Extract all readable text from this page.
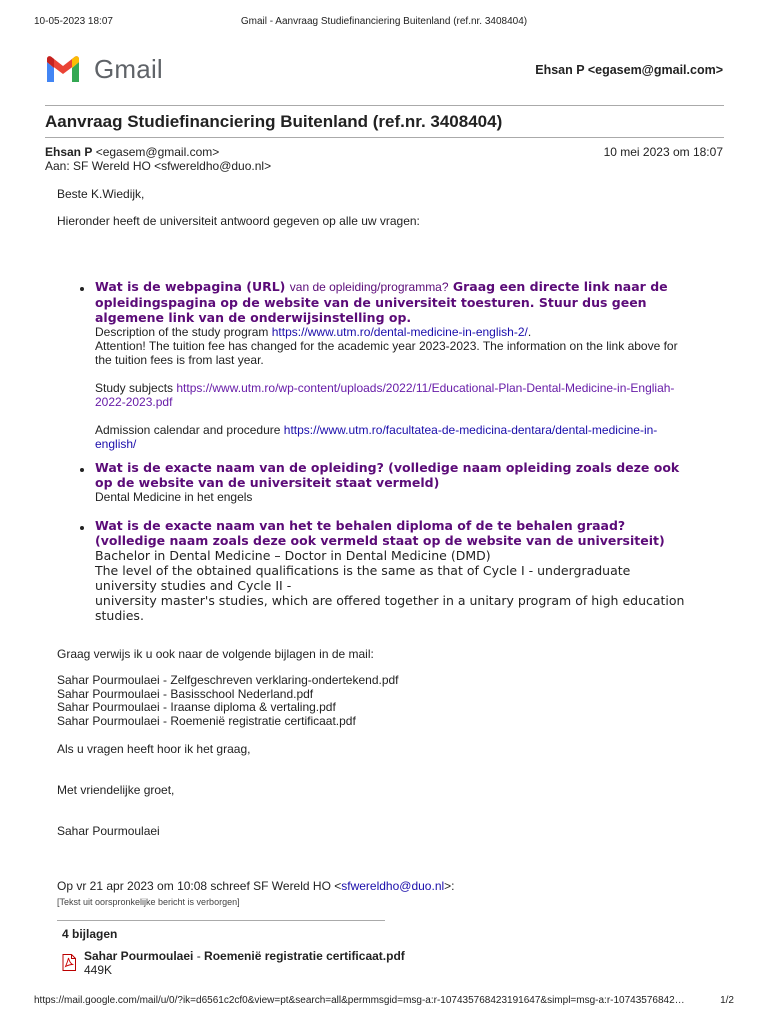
10-05-2023 18:07	Gmail - Aanvraag Studiefinanciering Buitenland (ref.nr. 3408404)
Gmail	Ehsan P <egasem@gmail.com>
Aanvraag Studiefinanciering Buitenland (ref.nr. 3408404)
Ehsan P <egasem@gmail.com>	10 mei 2023 om 18:07
Aan: SF Wereld HO <sfwereldho@duo.nl>
Beste K.Wiedijk,
Hieronder heeft de universiteit antwoord gegeven op alle uw vragen:
Wat is de webpagina (URL) van de opleiding/programma? Graag een directe link naar de
opleidingspagina op de website van de universiteit toesturen. Stuur dus geen
algemene link van de onderwijsinstelling op.
Description of the study program https://www.utm.ro/dental-medicine-in-english-2/.
Attention! The tuition fee has changed for the academic year 2023-2023. The information on the link above for
the tuition fees is from last year.
Study subjects https://www.utm.ro/wp-content/uploads/2022/11/Educational-Plan-Dental-Medicine-in-Engliah-
2022-2023.pdf
Admission calendar and procedure https://www.utm.ro/facultatea-de-medicina-dentara/dental-medicine-in-
english/
Wat is de exacte naam van de opleiding? (volledige naam opleiding zoals deze ook
op de website van de universiteit staat vermeld)
Dental Medicine in het engels
Wat is de exacte naam van het te behalen diploma of de te behalen graad?
(volledige naam zoals deze ook vermeld staat op de website van de universiteit)
Bachelor in Dental Medicine – Doctor in Dental Medicine (DMD)
The level of the obtained qualifications is the same as that of Cycle I - undergraduate
university studies and Cycle II -
university master's studies, which are offered together in a unitary program of high education
studies.
Graag verwijs ik u ook naar de volgende bijlagen in de mail:
Sahar Pourmoulaei - Zelfgeschreven verklaring-ondertekend.pdf
Sahar Pourmoulaei - Basisschool Nederland.pdf
Sahar Pourmoulaei - Iraanse diploma & vertaling.pdf
Sahar Pourmoulaei - Roemenië registratie certificaat.pdf
Als u vragen heeft hoor ik het graag,
Met vriendelijke groet,
Sahar Pourmoulaei
Op vr 21 apr 2023 om 10:08 schreef SF Wereld HO <sfwereldho@duo.nl>:
[Tekst uit oorspronkelijke bericht is verborgen]
4 bijlagen
Sahar Pourmoulaei - Roemenië registratie certificaat.pdf
449K
https://mail.google.com/mail/u/0/?ik=d6561c2cf0&view=pt&search=all&permmsgid=msg-a:r-107435768423191647&simpl=msg-a:r-10743576842…	1/2
